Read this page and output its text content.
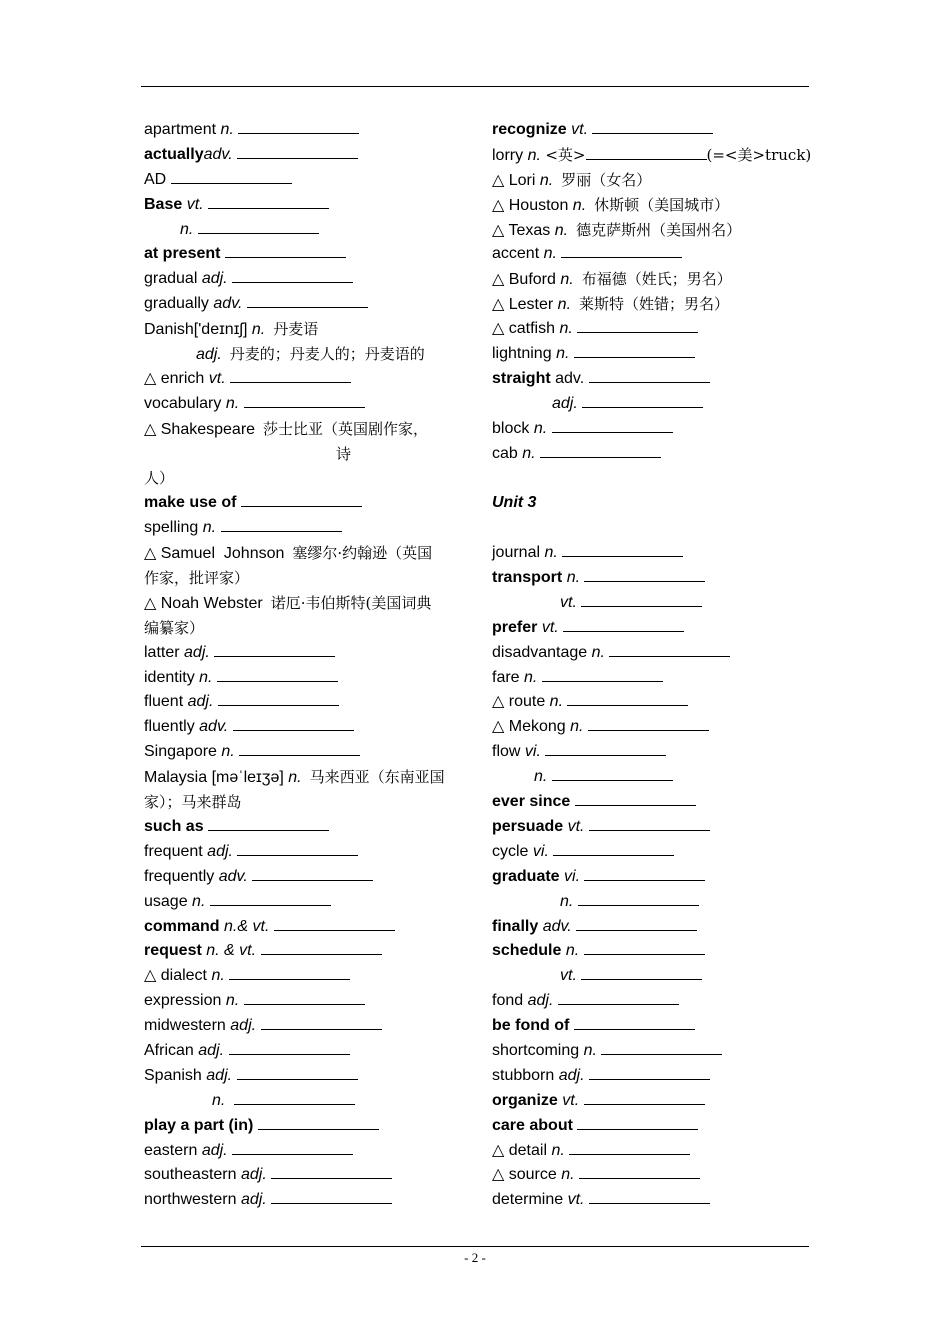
apartment n.
actuallyadv.
AD
Base vt.
n.
at present
gradual adj.
gradually adv.
Danish['deɪnɪʃ] n. 丹麦语
adj. 丹麦的；丹麦人的；丹麦语的
△ enrich vt.
vocabulary n.
△ Shakespeare 莎士比亚（英国剧作家，
诗
人）
make use of
spelling n.
△ Samuel  Johnson 塞缪尔·约翰逊（英国
作家，批评家）
△ Noah Webster 诺厄·韦伯斯特(美国词典
编纂家）
latter adj.
identity n.
fluent adj.
fluently adv.
Singapore n.
Malaysia [məˈleɪʒə] n. 马来西亚（东南亚国
家）；马来群岛
such as
frequent adj.
frequently adv.
usage n.
command n.& vt.
request n. & vt.
△ dialect n.
expression n.
midwestern adj.
African adj.
Spanish adj.
n.
play a part (in)
eastern adj.
southeastern adj.
northwestern adj.
recognize vt.
lorry n. <英>	(=<美>truck)
△ Lori n. 罗丽（女名）
△ Houston n. 休斯顿（美国城市）
△ Texas n. 德克萨斯州（美国州名）
accent n.
△ Buford n. 布福德（姓氏；男名）
△ Lester n. 莱斯特（姓错；男名）
△ catfish n.
lightning n.
straight adv.
adj.
block n.
cab n.

Unit 3

journal n.
transport n.
vt.
prefer vt.
disadvantage n.
fare n.
△ route n.
△ Mekong n.
flow vi.
n.
ever since
persuade vt.
cycle vi.
graduate vi.
n.
finally adv.
schedule n.
vt.
fond adj.
be fond of
shortcoming n.
stubborn adj.
organize vt.
care about
△ detail n.
△ source n.
determine vt.
- 2 -
